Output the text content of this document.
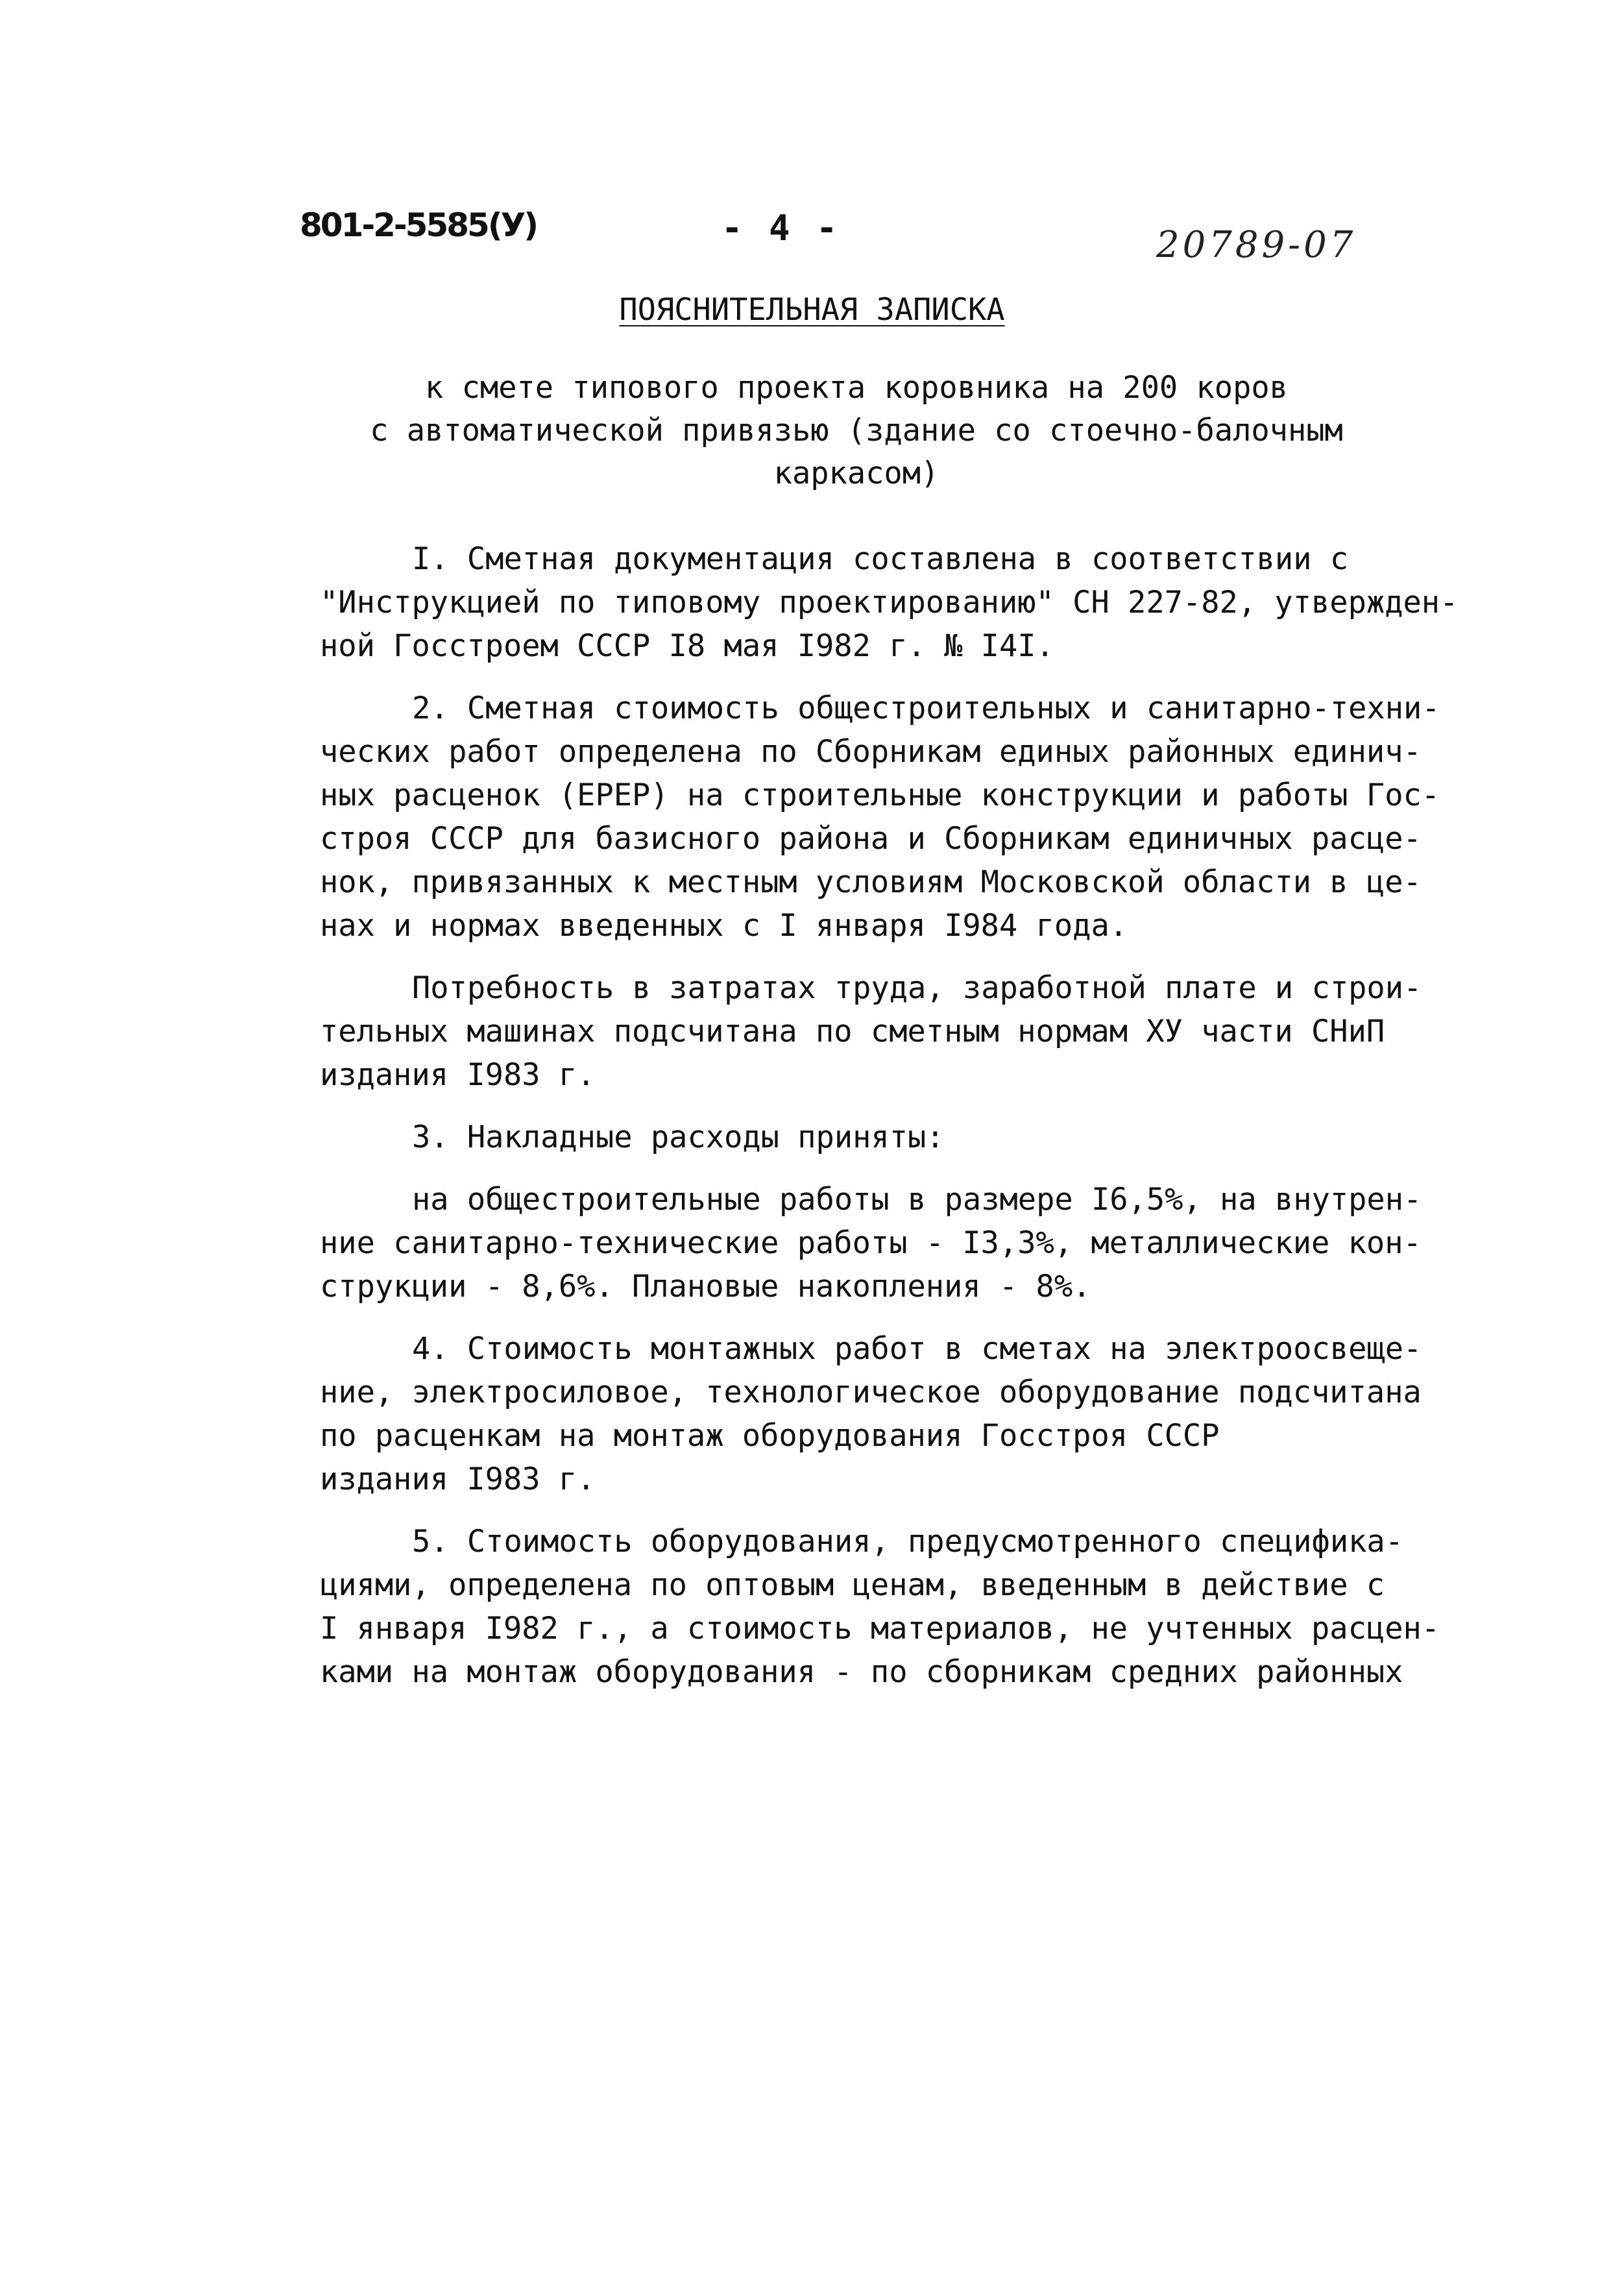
801-2-5585(У)	- 4 -	20789-07
ПОЯСНИТЕЛЬНАЯ ЗАПИСКА
к смете типового проекта коровника на 200 коров
с автоматической привязью (здание со стоечно-балочным
каркасом)
I. Сметная документация составлена в соответствии с
"Инструкцией по типовому проектированию" СН 227-82, утвержден-
ной Госстроем СССР I8 мая I982 г. № I4I.
2. Сметная стоимость общестроительных и санитарно-техни-
ческих работ определена по Сборникам единых районных единич-
ных расценок (ЕРЕР) на строительные конструкции и работы Гос-
строя СССР для базисного района и Сборникам единичных расце-
нок, привязанных к местным условиям Московской области в це-
нах и нормах введенных с I января I984 года.
Потребность в затратах труда, заработной плате и строи-
тельных машинах подсчитана по сметным нормам ХУ части СНиП
издания I983 г.
3. Накладные расходы приняты:
на общестроительные работы в размере I6,5%, на внутрен-
ние санитарно-технические работы - I3,3%, металлические кон-
струкции - 8,6%. Плановые накопления - 8%.
4. Стоимость монтажных работ в сметах на электроосвеще-
ние, электросиловое, технологическое оборудование подсчитана
по расценкам на монтаж оборудования Госстроя СССР
издания I983 г.
5. Стоимость оборудования, предусмотренного специфика-
циями, определена по оптовым ценам, введенным в действие с
I января I982 г., а стоимость материалов, не учтенных расцен-
ками на монтаж оборудования - по сборникам средних районных
